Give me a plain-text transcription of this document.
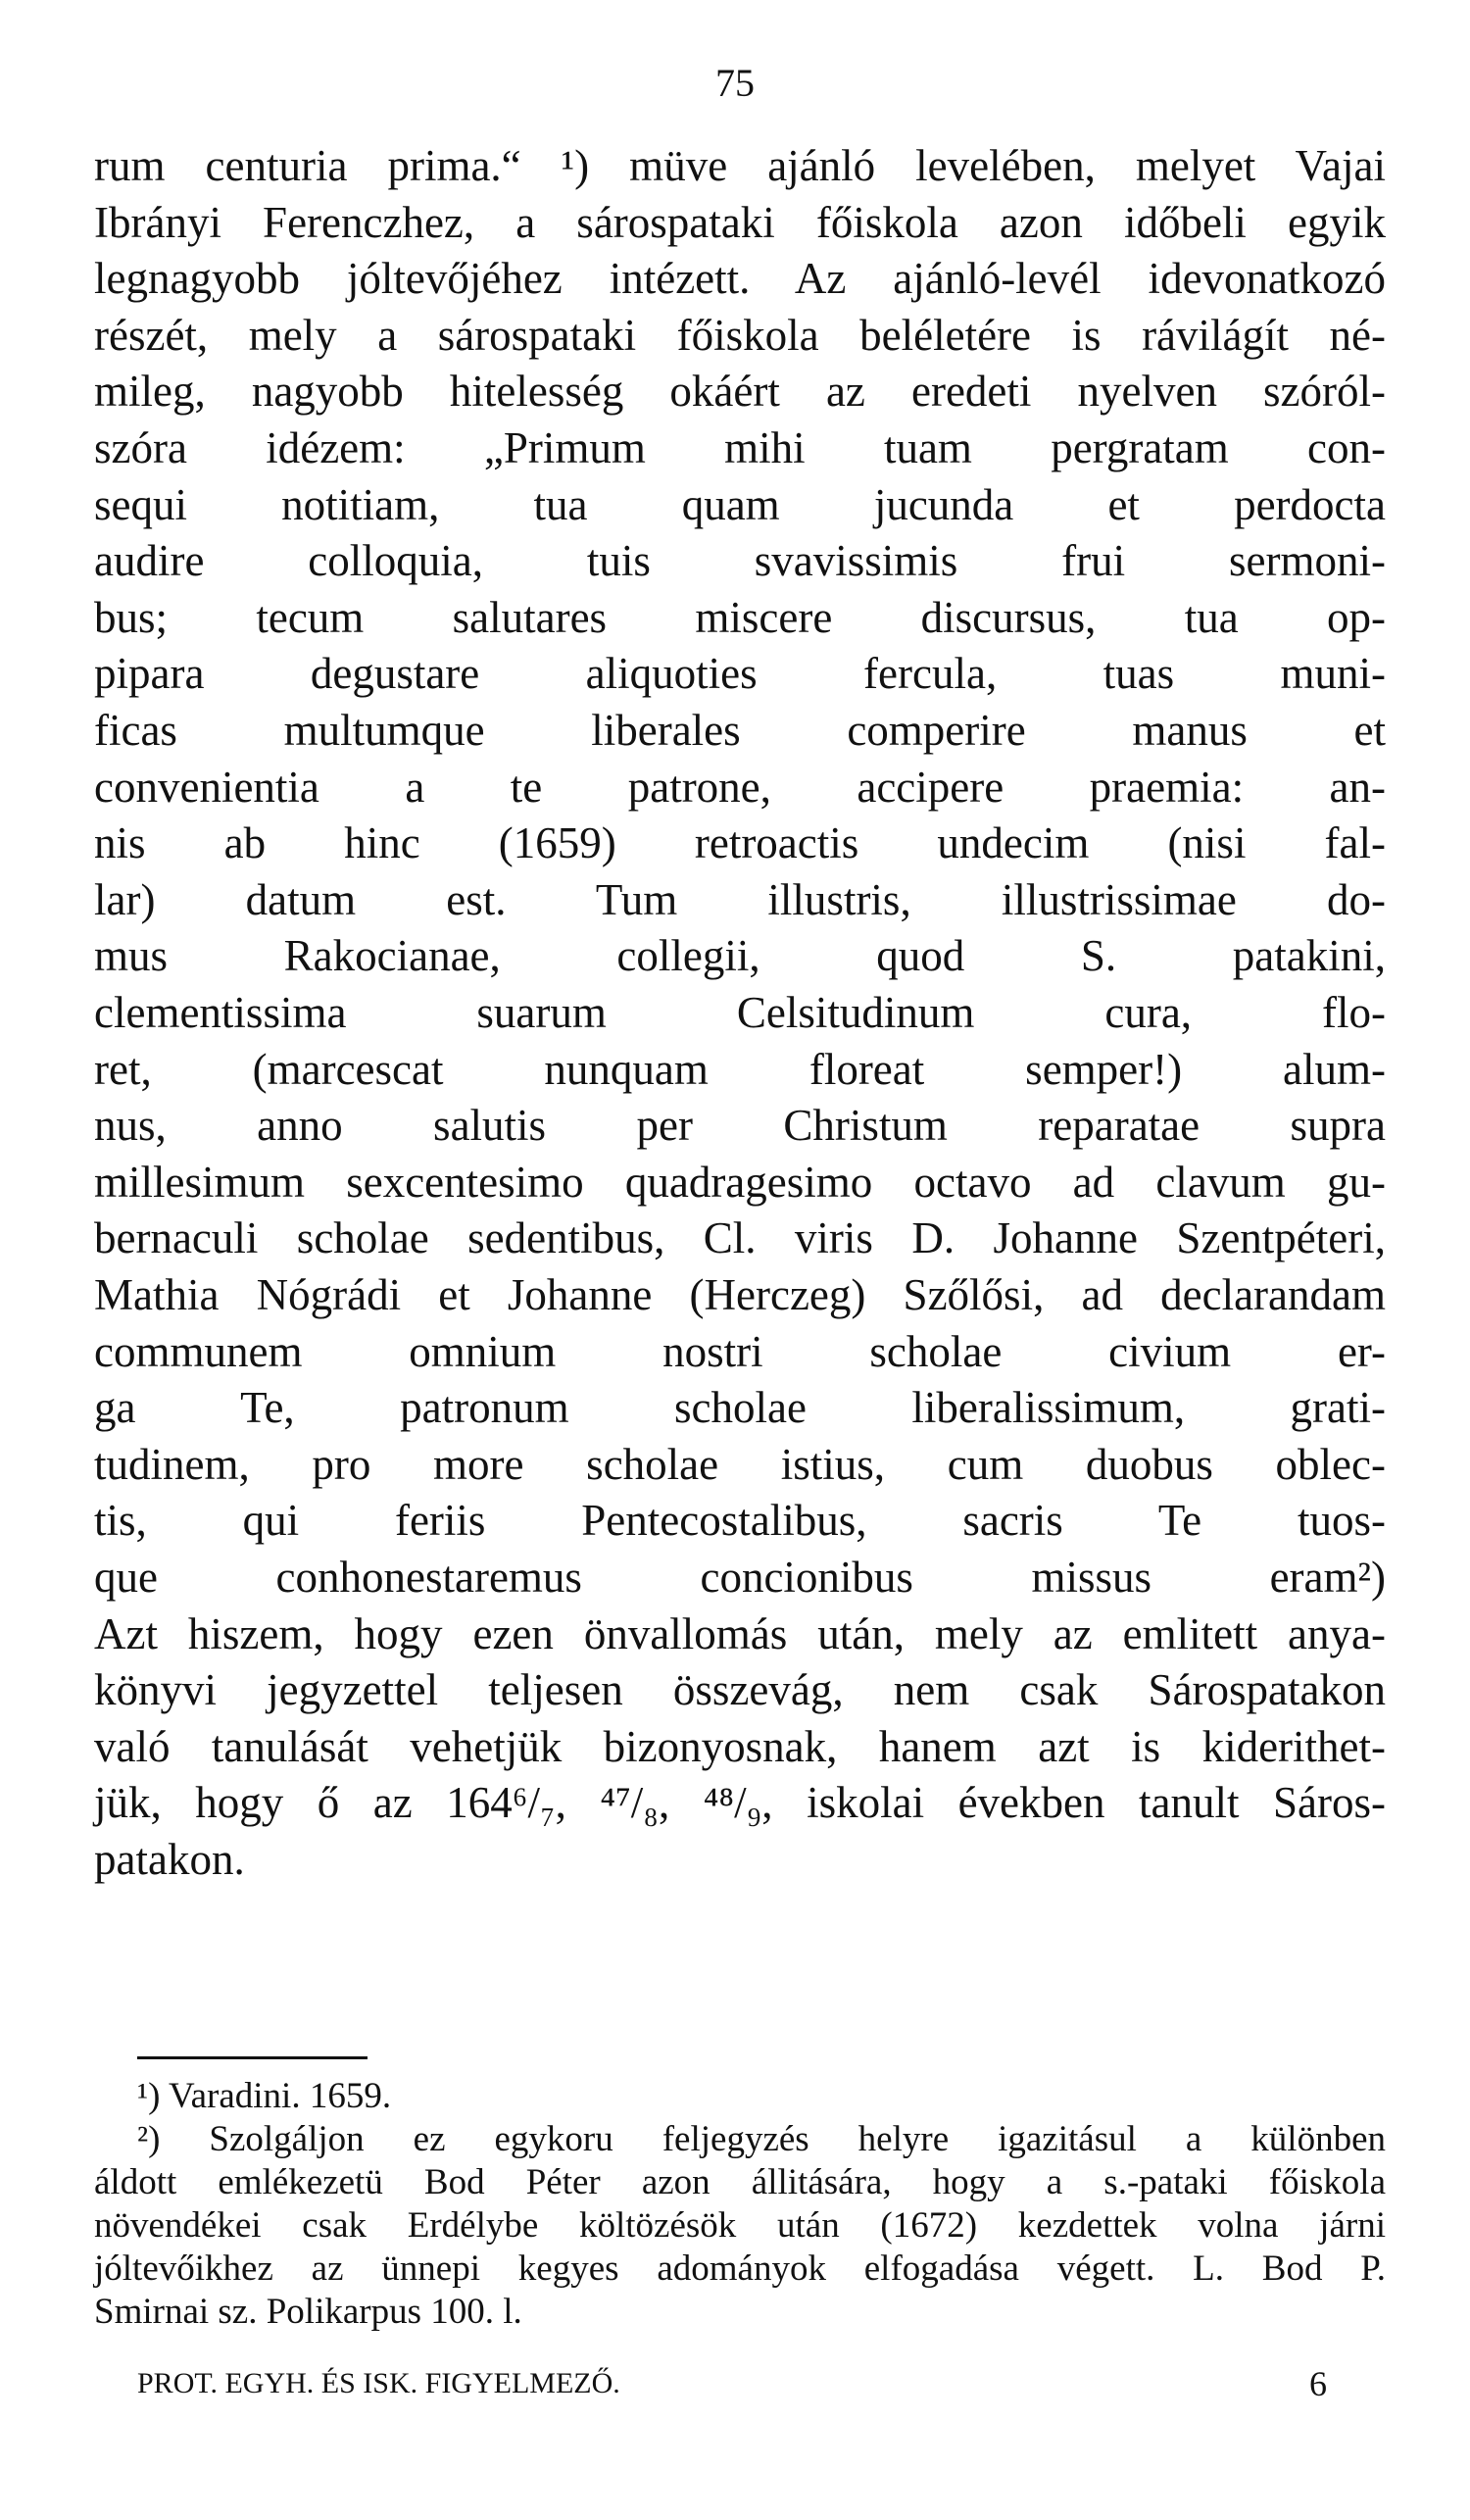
75
rum centuria prima.“ ¹) müve ajánló levelében, melyet Vajai
Ibrányi Ferenczhez, a sárospataki főiskola azon időbeli egyik
legnagyobb jóltevőjéhez intézett. Az ajánló-levél idevonatkozó
részét, mely a sárospataki főiskola beléletére is rávilágít né-
mileg, nagyobb hitelesség okáért az eredeti nyelven szóról-
szóra idézem: „Primum mihi tuam pergratam con-
sequi notitiam, tua quam jucunda et perdocta
audire colloquia, tuis svavissimis frui sermoni-
bus; tecum salutares miscere discursus, tua op-
pipara degustare aliquoties fercula, tuas muni-
ficas multumque liberales comperire manus et
convenientia a te patrone, accipere praemia: an-
nis ab hinc (1659) retroactis undecim (nisi fal-
lar) datum est. Tum illustris, illustrissimae do-
mus Rakocianae, collegii, quod S. patakini,
clementissima suarum Celsitudinum cura, flo-
ret, (marcescat nunquam floreat semper!) alum-
nus, anno salutis per Christum reparatae supra
millesimum sexcentesimo quadragesimo octavo ad clavum gu-
bernaculi scholae sedentibus, Cl. viris D. Johanne Szentpéteri,
Mathia Nógrádi et Johanne (Herczeg) Szőlősi, ad declarandam
communem omnium nostri scholae civium er-
ga Te, patronum scholae liberalissimum, grati-
tudinem, pro more scholae istius, cum duobus oblec-
tis, qui feriis Pentecostalibus, sacris Te tuos-
que conhonestaremus concionibus missus eram²)
Azt hiszem, hogy ezen önvallomás után, mely az emlitett anya-
könyvi jegyzettel teljesen összevág, nem csak Sárospatakon
való tanulását vehetjük bizonyosnak, hanem azt is kiderithet-
jük, hogy ő az 164⁶/₇, ⁴⁷/₈, ⁴⁸/₉, iskolai években tanult Sáros-
patakon.
¹) Varadini. 1659.
²) Szolgáljon ez egykoru feljegyzés helyre igazitásul a különben
áldott emlékezetü Bod Péter azon állitására, hogy a s.-pataki főiskola
növendékei csak Erdélybe költözésök után (1672) kezdettek volna járni
jóltevőikhez az ünnepi kegyes adományok elfogadása végett. L. Bod P.
Smirnai sz. Polikarpus 100. l.
PROT. EGYH. ÉS ISK. FIGYELMEZŐ.	6
